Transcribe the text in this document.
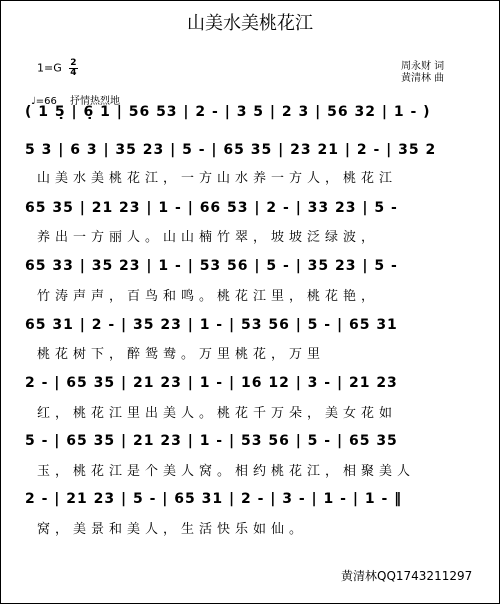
山美水美桃花江
$1=G \frac{2}{4}$	周永财 词
黄清林 曲
♩=66 抒情热烈地
( 1 5̣ | 6̣ 1 | 56 53 | 2 - | 3 5 | 2 3 | 56 32 | 1 - )
5 3 | 6 3 | 35 23 | 5 - | 65 35 | 23 21 | 2 - | 35 2
山美水美桃花江，一方山水养一方人，桃花江
65 35 | 21 23 | 1 - | 66 53 | 2 - | 33 23 | 5 -
养出一方丽人。山山楠竹翠，坡坡泛绿波，
65 33 | 35 23 | 1 - | 53 56 | 5 - | 35 23 | 5 -
竹涛声声，百鸟和鸣。桃花江里，桃花艳，
65 31 | 2 - | 35 23 | 1 - | 53 56 | 5 - | 65 31
桃花树下，醉鸳鸯。万里桃花，万里
2 - | 65 35 | 21 23 | 1 - | 16 12 | 3 - | 21 23
红，桃花江里出美人。桃花千万朵，美女花如
5 - | 65 35 | 21 23 | 1 - | 53 56 | 5 - | 65 35
玉，桃花江是个美人窝。相约桃花江，相聚美人
2 - | 21 23 | 5 - | 65 31 | 2 - | 3 - | 1 - | 1 - ‖
窝，美景和美人，生活快乐如仙。
黄清林QQ1743211297
